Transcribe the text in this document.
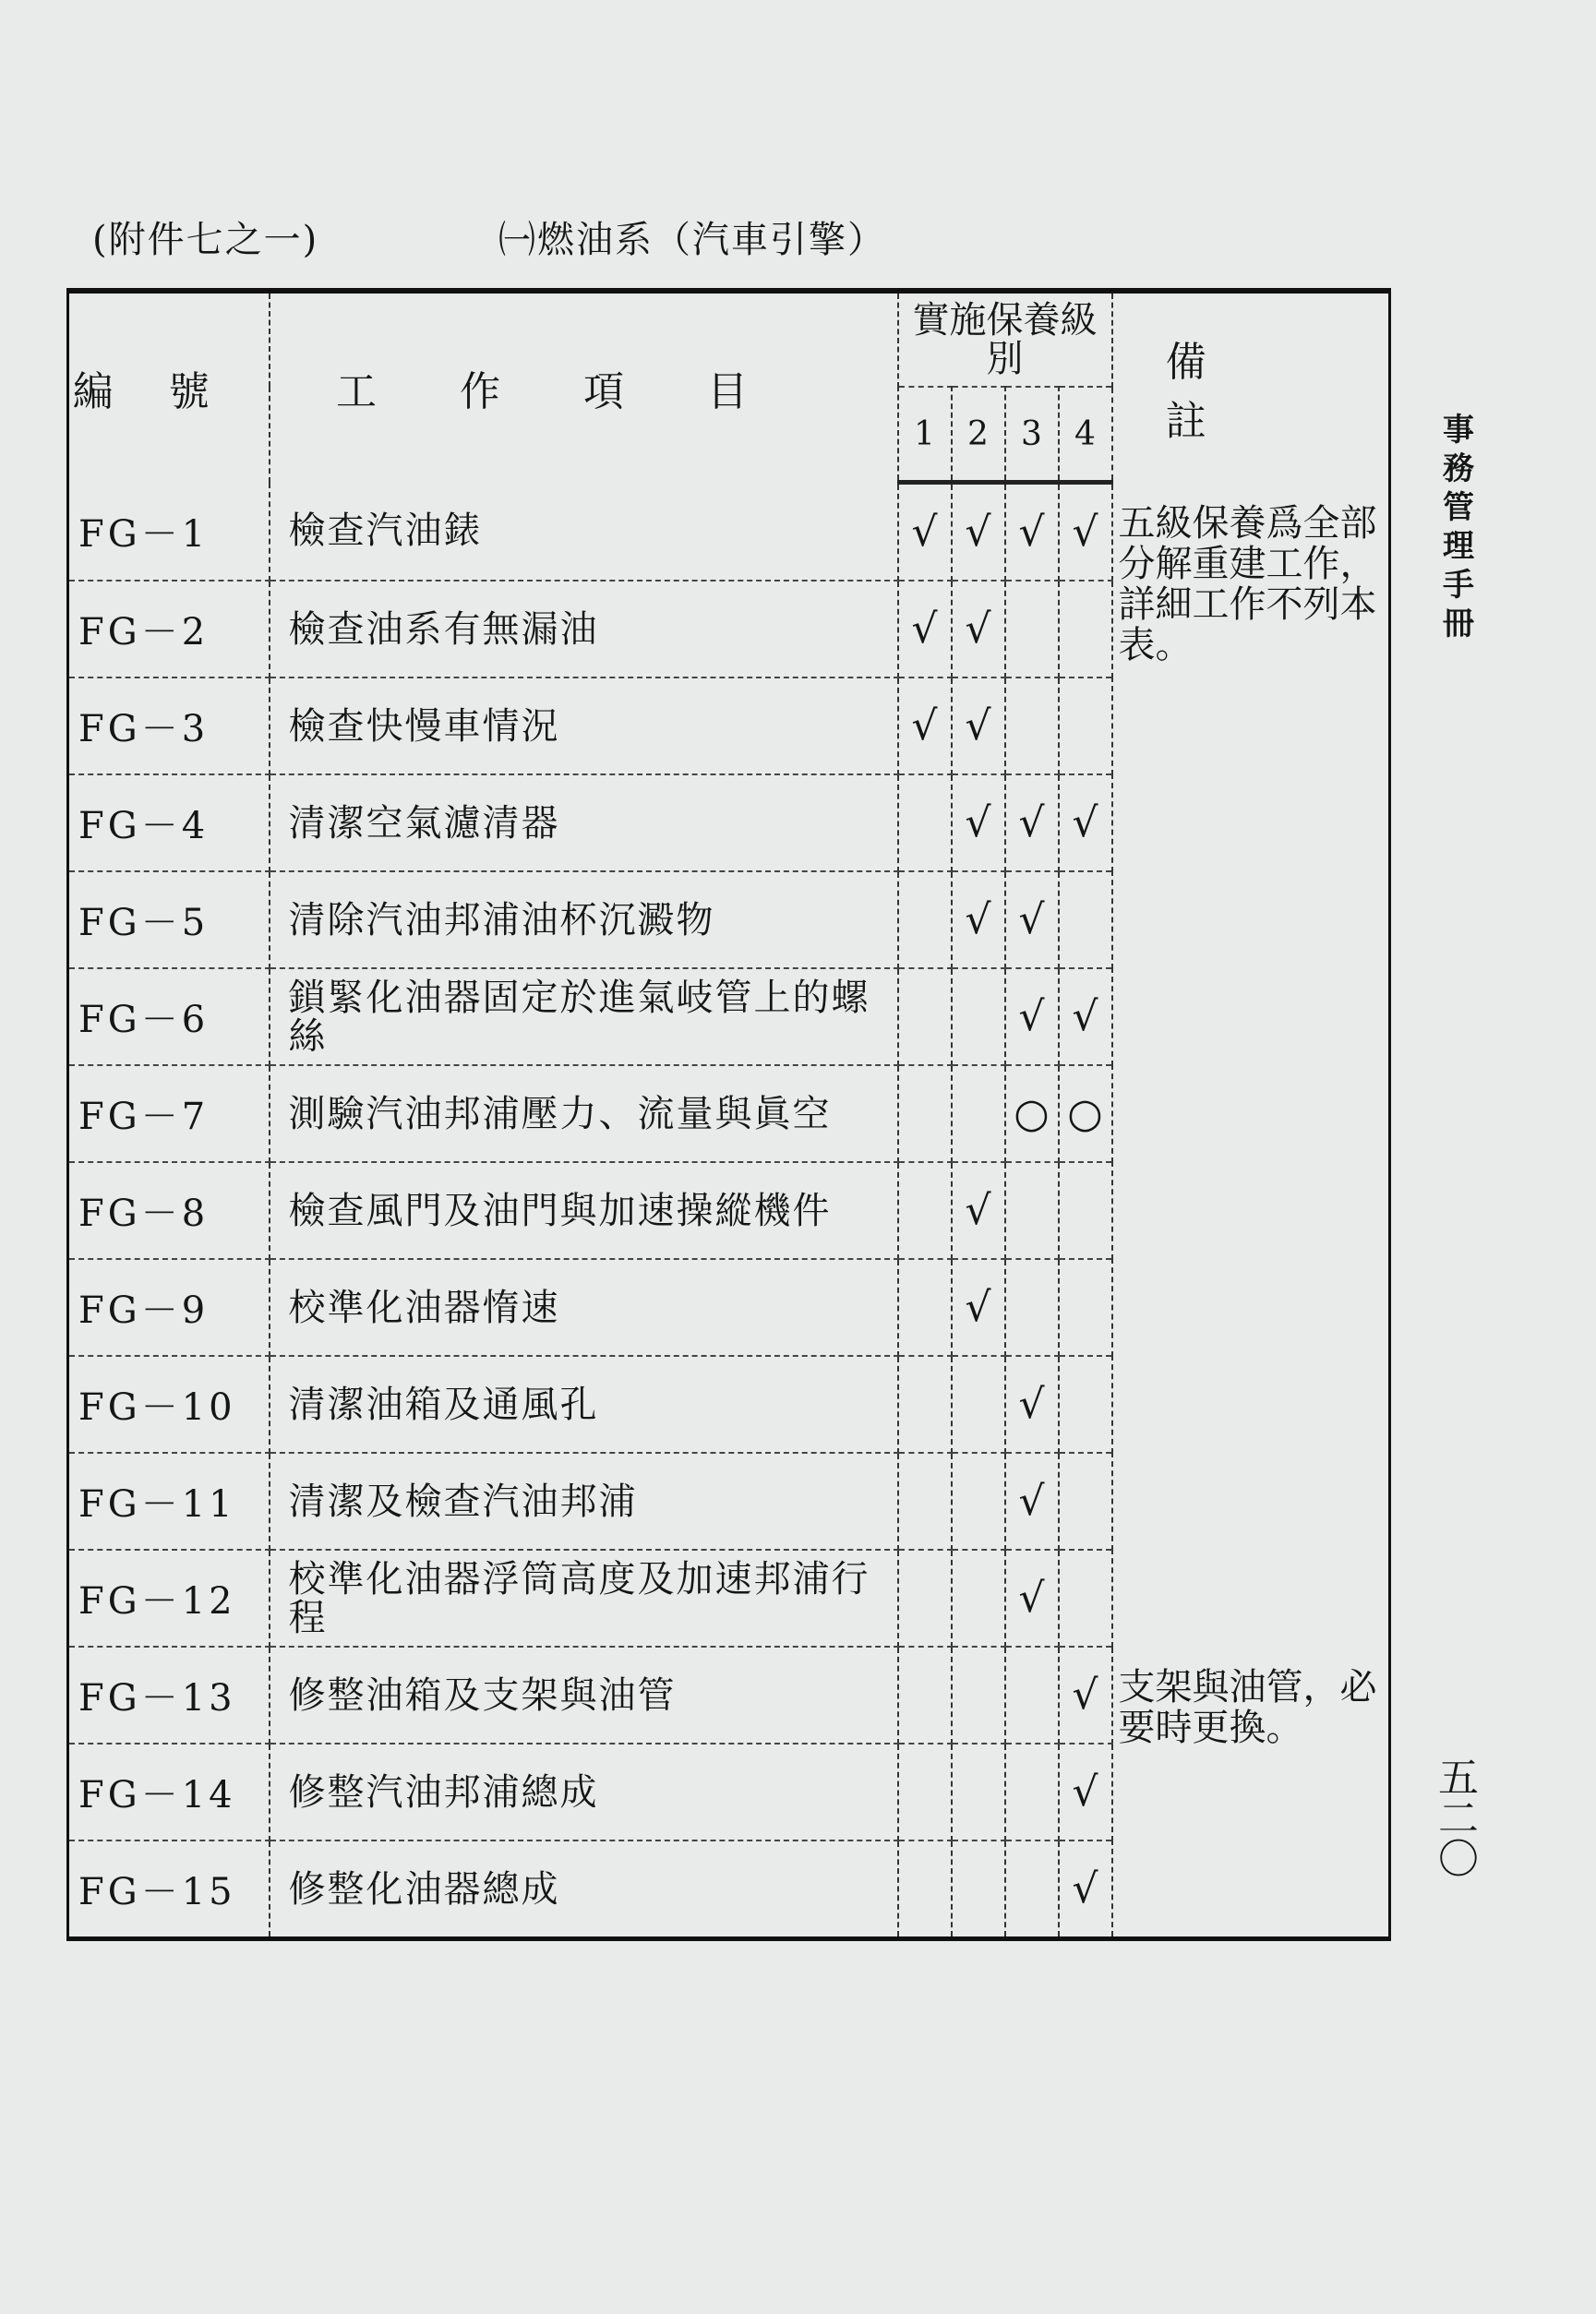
(附件七之一)	㈠燃油系（汽車引擎）
事務管理手冊
五二〇
編號	工作項目	實施保養級別				備註
		1	2	3	4	
FG－1	檢查汽油錶	√	√	√	√	五級保養爲全部分解重建工作，詳細工作不列本表。
FG－2	檢查油系有無漏油	√	√			
FG－3	檢查快慢車情況	√	√			
FG－4	清潔空氣濾清器		√	√	√	
FG－5	清除汽油邦浦油杯沉澱物		√	√		
FG－6	鎖緊化油器固定於進氣岐管上的螺絲			√	√	
FG－7	測驗汽油邦浦壓力、流量與眞空			○	○	
FG－8	檢查風門及油門與加速操縱機件		√			
FG－9	校準化油器惰速		√			
FG－10	清潔油箱及通風孔			√		
FG－11	清潔及檢查汽油邦浦			√		
FG－12	校準化油器浮筒高度及加速邦浦行程			√		
FG－13	修整油箱及支架與油管				√	支架與油管，必要時更換。
FG－14	修整汽油邦浦總成				√	
FG－15	修整化油器總成				√	
